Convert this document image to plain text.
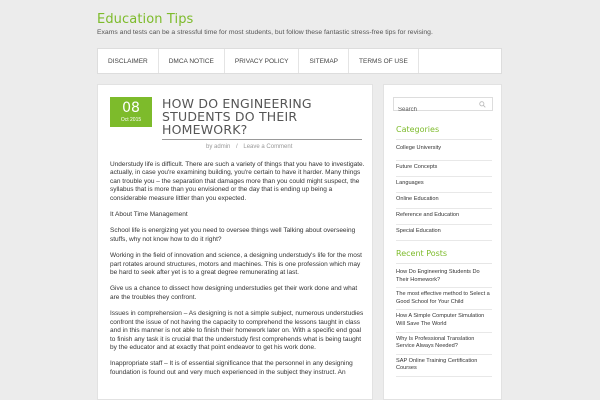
Education Tips
Exams and tests can be a stressful time for most students, but follow these fantastic stress-free tips for revising.
DISCLAIMER	DMCA NOTICE	PRIVACY POLICY	SITEMAP	TERMS OF USE
08
Oct 2015
HOW DO ENGINEERING STUDENTS DO THEIR HOMEWORK?
by admin / Leave a Comment

Understudy life is difficult. There are such a variety of things that you have to investigate. actually, in case you're examining building, you're certain to have it harder. Many things can trouble you – the separation that damages more than you could might suspect, the syllabus that is more than you envisioned or the day that is ending up being a considerable measure littler than you expected.

It About Time Management

School life is energizing yet you need to oversee things well Talking about overseeing stuffs, why not know how to do it right?

Working in the field of innovation and science, a designing understudy's life for the most part rotates around structures, motors and machines. This is one profession which may be hard to seek after yet is to a great degree remunerating at last.

Give us a chance to dissect how designing understudies get their work done and what are the troubles they confront.

Issues in comprehension – As designing is not a simple subject, numerous understudies confront the issue of not having the capacity to comprehend the lessons taught in class and in this manner is not able to finish their homework later on. With a specific end goal to finish any task it is crucial that the understudy first comprehends what is being taught by the educator and at exactly that point endeavor to get his work done.

Inappropriate staff – It is of essential significance that the personnel in any designing foundation is found out and very much experienced in the subject they instruct. An

Search
Categories
College University
Future Concepts
Languages
Online Education
Reference and Education
Special Education
Recent Posts
How Do Engineering Students Do Their Homework?
The most effective method to Select a Good School for Your Child
How A Simple Computer Simulation Will Save The World
Why Is Professional Translation Service Always Needed?
SAP Online Training Certification Courses
